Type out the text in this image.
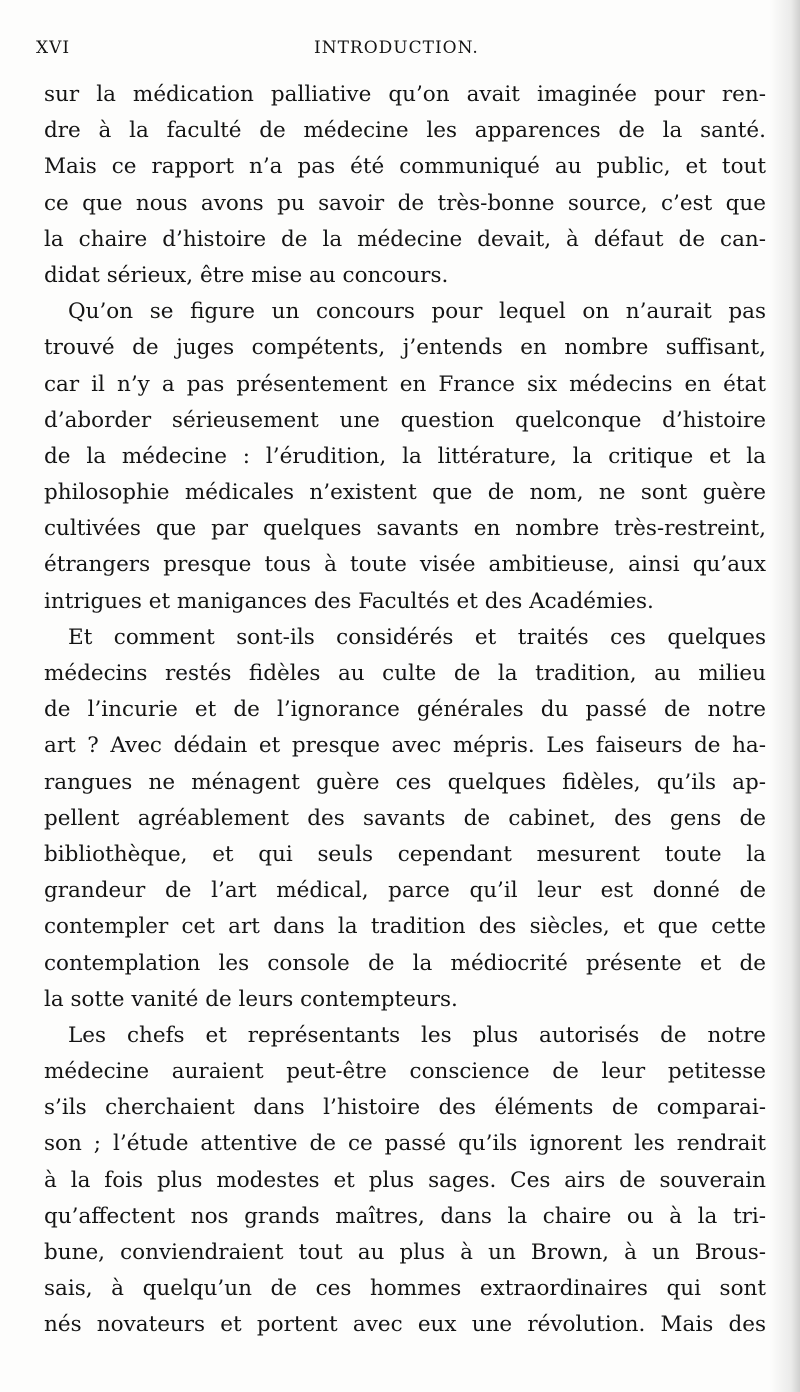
XVI	INTRODUCTION.
sur la médication palliative qu’on avait imaginée pour ren-
dre à la faculté de médecine les apparences de la santé.
Mais ce rapport n’a pas été communiqué au public, et tout
ce que nous avons pu savoir de très-bonne source, c’est que
la chaire d’histoire de la médecine devait, à défaut de can-
didat sérieux, être mise au concours.
Qu’on se figure un concours pour lequel on n’aurait pas
trouvé de juges compétents, j’entends en nombre suffisant,
car il n’y a pas présentement en France six médecins en état
d’aborder sérieusement une question quelconque d’histoire
de la médecine : l’érudition, la littérature, la critique et la
philosophie médicales n’existent que de nom, ne sont guère
cultivées que par quelques savants en nombre très-restreint,
étrangers presque tous à toute visée ambitieuse, ainsi qu’aux
intrigues et manigances des Facultés et des Académies.
Et comment sont-ils considérés et traités ces quelques
médecins restés fidèles au culte de la tradition, au milieu
de l’incurie et de l’ignorance générales du passé de notre
art ? Avec dédain et presque avec mépris. Les faiseurs de ha-
rangues ne ménagent guère ces quelques fidèles, qu’ils ap-
pellent agréablement des savants de cabinet, des gens de
bibliothèque, et qui seuls cependant mesurent toute la
grandeur de l’art médical, parce qu’il leur est donné de
contempler cet art dans la tradition des siècles, et que cette
contemplation les console de la médiocrité présente et de
la sotte vanité de leurs contempteurs.
Les chefs et représentants les plus autorisés de notre
médecine auraient peut-être conscience de leur petitesse
s’ils cherchaient dans l’histoire des éléments de comparai-
son ; l’étude attentive de ce passé qu’ils ignorent les rendrait
à la fois plus modestes et plus sages. Ces airs de souverain
qu’affectent nos grands maîtres, dans la chaire ou à la tri-
bune, conviendraient tout au plus à un Brown, à un Brous-
sais, à quelqu’un de ces hommes extraordinaires qui sont
nés novateurs et portent avec eux une révolution. Mais des
